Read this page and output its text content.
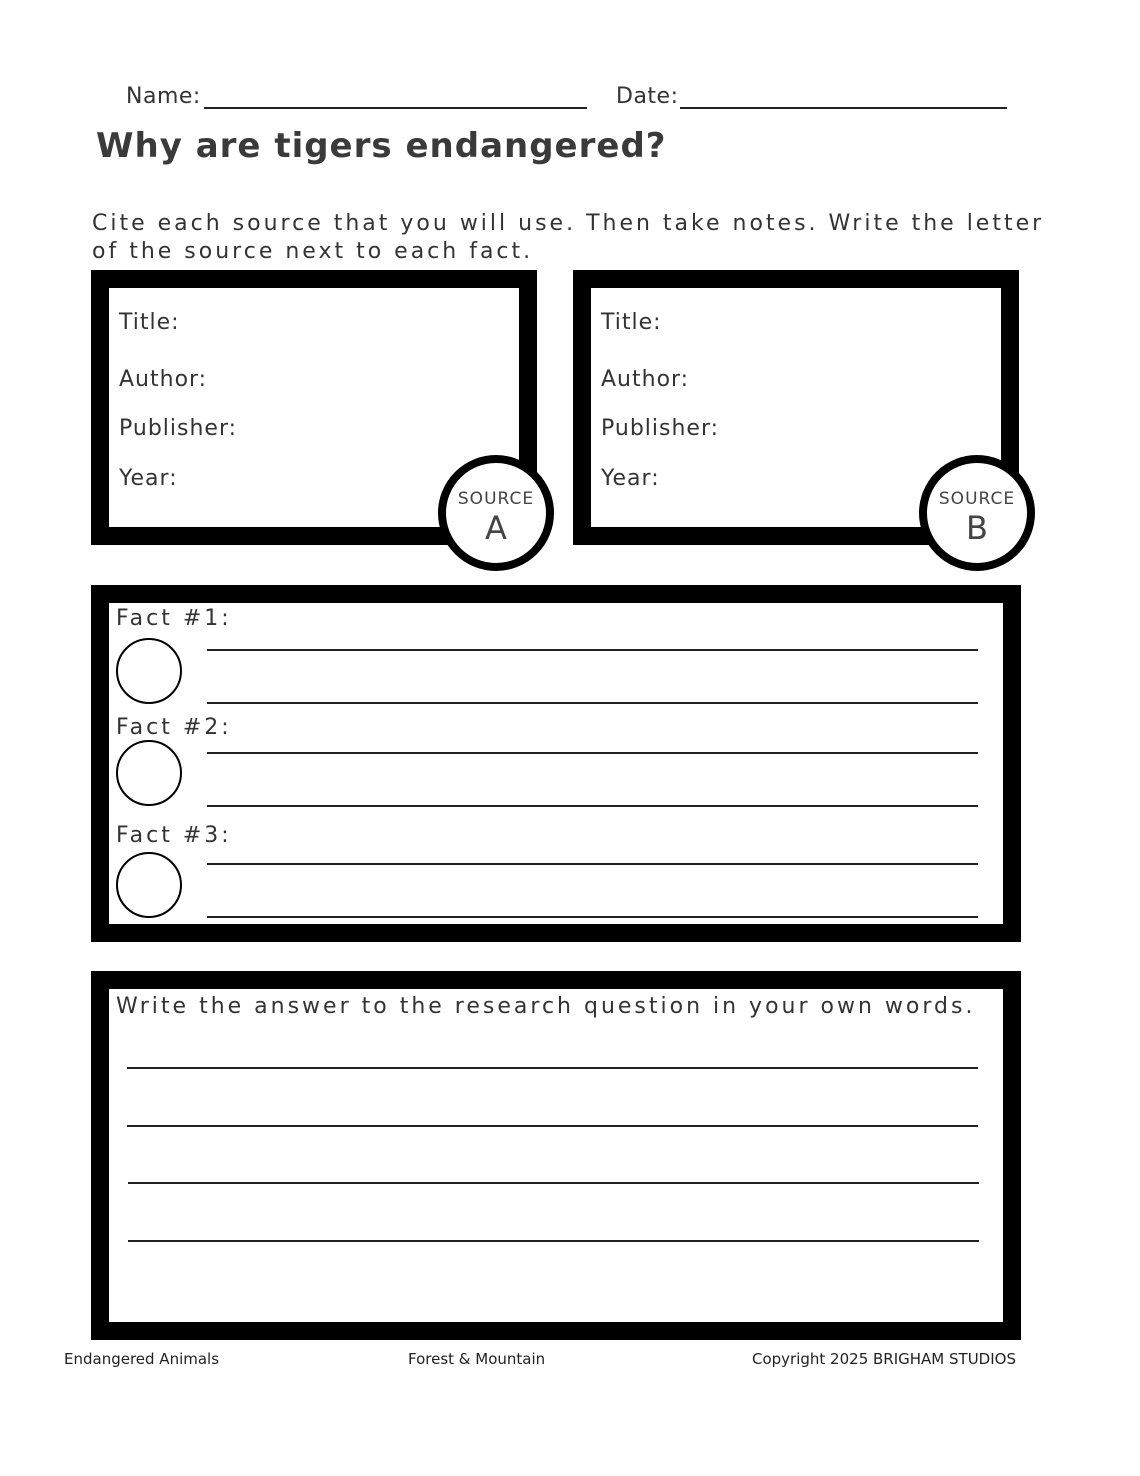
Name:	Date:
Why are tigers endangered?
Cite each source that you will use. Then take notes. Write the letter of the source next to each fact.
Title:
Author:
Publisher:
Year:
SOURCE
A
Title:
Author:
Publisher:
Year:
SOURCE
B
Fact #1:
Fact #2:
Fact #3:
Write the answer to the research question in your own words.
Endangered Animals	Forest & Mountain	Copyright 2025 BRIGHAM STUDIOS
